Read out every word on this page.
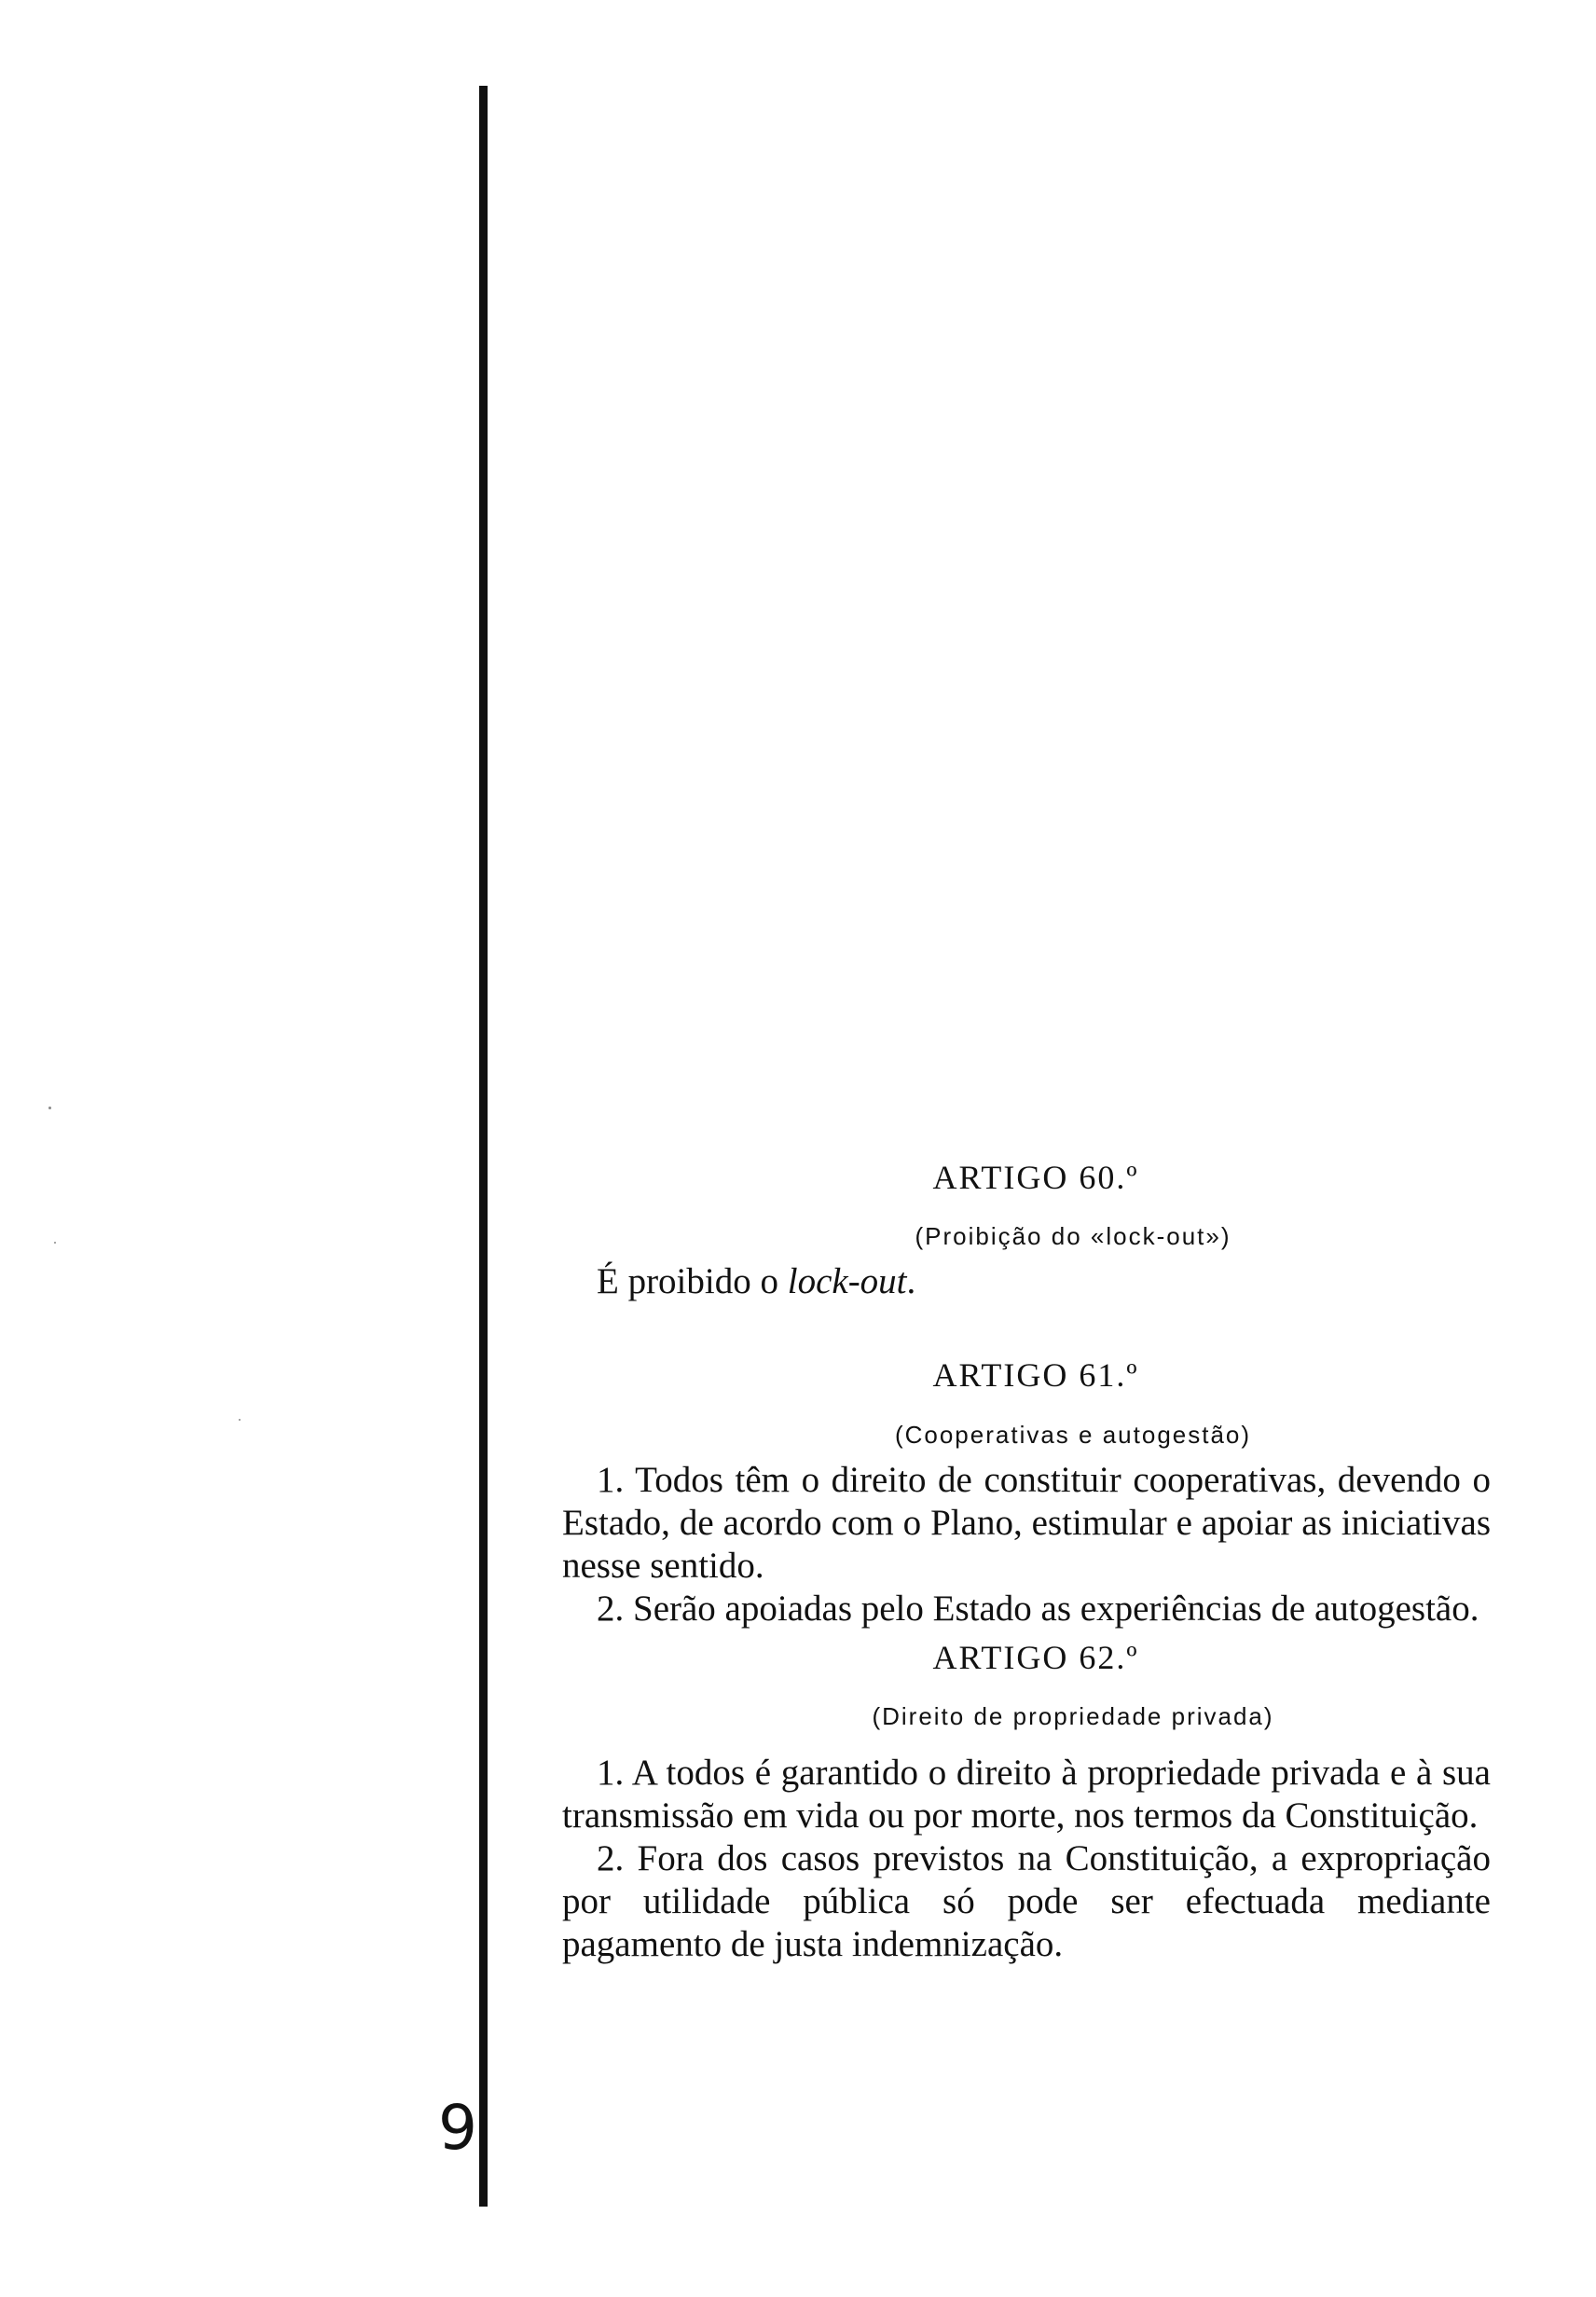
ARTIGO 60.º
(Proibição do «lock-out»)

É proibido o lock-out.

ARTIGO 61.º
(Cooperativas e autogestão)

1. Todos têm o direito de constituir cooperativas, devendo o Estado, de acordo com o Plano, estimular e apoiar as iniciativas nesse sentido.

2. Serão apoiadas pelo Estado as experiências de autogestão.

ARTIGO 62.º
(Direito de propriedade privada)

1. A todos é garantido o direito à propriedade privada e à sua transmissão em vida ou por morte, nos termos da Constituição.

2. Fora dos casos previstos na Constituição, a expropriação por utilidade pública só pode ser efectuada mediante pagamento de justa indemnização.

9
